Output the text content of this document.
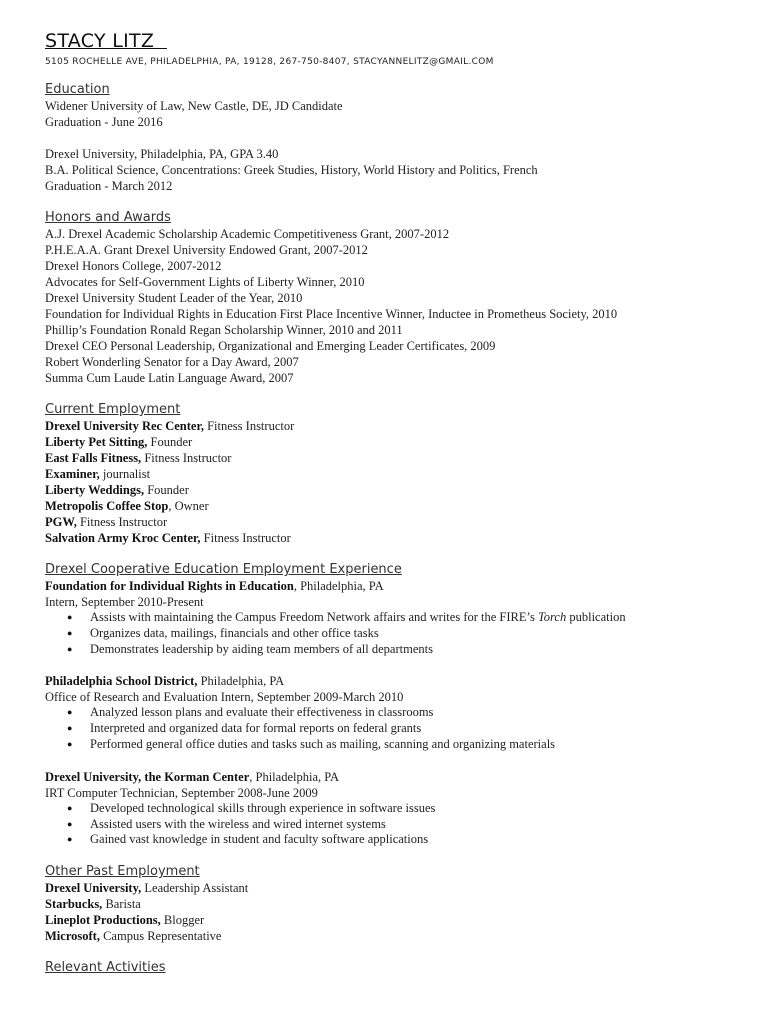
STACY LITZ
5105 ROCHELLE AVE, PHILADELPHIA, PA, 19128, 267-750-8407, STACYANNELITZ@GMAIL.COM
Education
Widener University of Law, New Castle, DE, JD Candidate
Graduation - June 2016
Drexel University, Philadelphia, PA, GPA 3.40
B.A. Political Science, Concentrations: Greek Studies, History, World History and Politics, French
Graduation - March 2012
Honors and Awards
A.J. Drexel Academic Scholarship Academic Competitiveness Grant, 2007-2012
P.H.E.A.A. Grant Drexel University Endowed Grant, 2007-2012
Drexel Honors College, 2007-2012
Advocates for Self-Government Lights of Liberty Winner, 2010
Drexel University Student Leader of the Year, 2010
Foundation for Individual Rights in Education First Place Incentive Winner, Inductee in Prometheus Society, 2010
Phillip’s Foundation Ronald Regan Scholarship Winner, 2010 and 2011
Drexel CEO Personal Leadership, Organizational and Emerging Leader Certificates, 2009
Robert Wonderling Senator for a Day Award, 2007
Summa Cum Laude Latin Language Award, 2007
Current Employment
Drexel University Rec Center, Fitness Instructor
Liberty Pet Sitting, Founder
East Falls Fitness, Fitness Instructor
Examiner, journalist
Liberty Weddings, Founder
Metropolis Coffee Stop, Owner
PGW, Fitness Instructor
Salvation Army Kroc Center, Fitness Instructor
Drexel Cooperative Education Employment Experience
Foundation for Individual Rights in Education, Philadelphia, PA
Intern, September 2010-Present
● Assists with maintaining the Campus Freedom Network affairs and writes for the FIRE’s Torch publication
● Organizes data, mailings, financials and other office tasks
● Demonstrates leadership by aiding team members of all departments
Philadelphia School District, Philadelphia, PA
Office of Research and Evaluation Intern, September 2009-March 2010
● Analyzed lesson plans and evaluate their effectiveness in classrooms
● Interpreted and organized data for formal reports on federal grants
● Performed general office duties and tasks such as mailing, scanning and organizing materials
Drexel University, the Korman Center, Philadelphia, PA
IRT Computer Technician, September 2008-June 2009
● Developed technological skills through experience in software issues
● Assisted users with the wireless and wired internet systems
● Gained vast knowledge in student and faculty software applications
Other Past Employment
Drexel University, Leadership Assistant
Starbucks, Barista
Lineplot Productions, Blogger
Microsoft, Campus Representative
Relevant Activities
